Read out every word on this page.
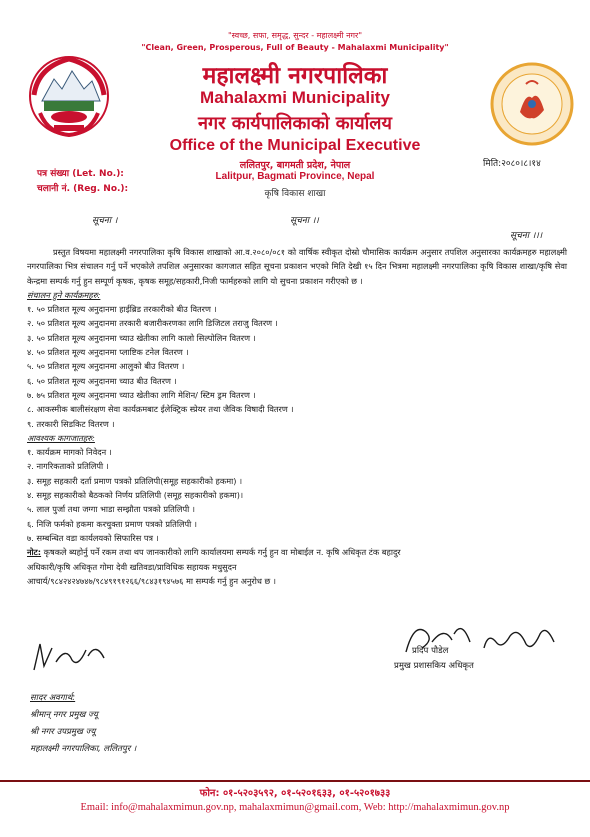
"स्वच्छ, सफा, समृद्ध, सुन्दर - महालक्ष्मी नगर"
"Clean, Green, Prosperous, Full of Beauty - Mahalaxmi Municipality"
महालक्ष्मी नगरपालिका
Mahalaxmi Municipality
नगर कार्यपालिकाको कार्यालय
Office of the Municipal Executive
ललितपुर, बागमती प्रदेश, नेपाल
Lalitpur, Bagmati Province, Nepal
कृषि विकास शाखा
पत्र संख्या (Let. No.):
चलानी नं. (Reg. No.):
मिति:२०८०।८।१४
सूचना ।	सूचना ।।
सूचना ।।।
प्रस्तुत विषयमा महालक्ष्मी नगरपालिका कृषि विकास शाखाको आ.व.२०८०/०८१ को वार्षिक स्वीकृत दोस्रो चौमासिक कार्यक्रम अनुसार तपशिल अनुसारका कार्यक्रमहरु महालक्ष्मी नगरपालिका भित्र संचालन गर्नु पर्ने भएकोले तपशिल अनुसारका कागजात सहित सूचना प्रकाशन भएको मिति देखी १५ दिन भित्रमा महालक्ष्मी नगरपालिका कृषि विकास शाखा/कृषि सेवा केन्द्रमा सम्पर्क गर्नु हुन सम्पूर्ण कृषक, कृषक समूह/सहकारी,निजी फार्महरुको लागि यो सुचना प्रकाशन गरीएको छ ।
संचालन हुने कार्यक्रमहरु:
१. ५० प्रतिशत मूल्य अनुदानमा हाईब्रिड तरकारीको बीउ वितरण ।
२. ५० प्रतिशत मूल्य अनुदानमा तरकारी बजारीकरणका लागि डिजिटल तराजु वितरण ।
३. ५० प्रतिशत मूल्य अनुदानमा च्याउ खेतीका लागि कालो सिल्पोलिन वितरण ।
४. ५० प्रतिशत मूल्य अनुदानमा प्लाष्टिक टनेल वितरण ।
५. ५० प्रतिशत मूल्य अनुदानमा आलुको बीउ वितरण ।
६. ५० प्रतिशत मूल्य अनुदानमा च्याउ बीउ वितरण ।
७. ७५ प्रतिशत मूल्य अनुदानमा च्याउ खेतीका लागि मेशिन/ स्टिम ड्रम वितरण ।
८. आकस्मीक बालीसंरक्षण सेवा कार्यक्रमबाट ईलेक्ट्रिक स्प्रेयर तथा जैविक विषादी वितरण ।
९. तरकारी सिडकिट वितरण ।
आवश्यक कागजातहरु:
१. कार्यक्रम मागको निवेदन ।
२. नागरिकताको प्रतिलिपी ।
३. समूह सहकारी दर्ता प्रमाण पत्रको प्रतिलिपी(समूह सहकारीको हकमा) ।
४. समूह सहकारीको बैठकको निर्णय प्रतिलिपी (समूह सहकारीको हकमा)।
५. लाल पुर्जा तथा जग्गा भाडा सम्झौता पत्रको प्रतिलिपी ।
६. निजि फर्मको हकमा करचुक्ता प्रमाण पत्रको प्रतिलिपी ।
७. सम्बन्धित वडा कार्यलयको सिफारिस पत्र ।
नोट: कृषकले ब्यहोर्नु पर्ने रकम तथा थप जानकारीको लागि कार्यालयमा सम्पर्क गर्नु हुन वा मोबाईल न. कृषि अधिकृत टंक बहादुर
अधिकारी/कृषि अधिकृत गोमा देवी खतिवडा/प्राविधिक सहायक मधुसुदन
आचार्य/९८४२४२४७४७/९८४९१९१२६६/९८४३१९४५७६ मा सम्पर्क गर्नु हुन अनुरोध छ ।
प्रदिप पौडेल
प्रमुख प्रशासकिय अधिकृत
सादर अवगार्थ:
श्रीमान् नगर प्रमुख ज्यू
श्री नगर उपप्रमुख ज्यू
महालक्ष्मी नगरपालिका, ललितपुर ।
फोन: ०१-५२०३५९२, ०१-५२०१६३३, ०१-५२०१७३३
Email: info@mahalaxmimun.gov.np, mahalaxmimun@gmail.com, Web: http://mahalaxmimun.gov.np
